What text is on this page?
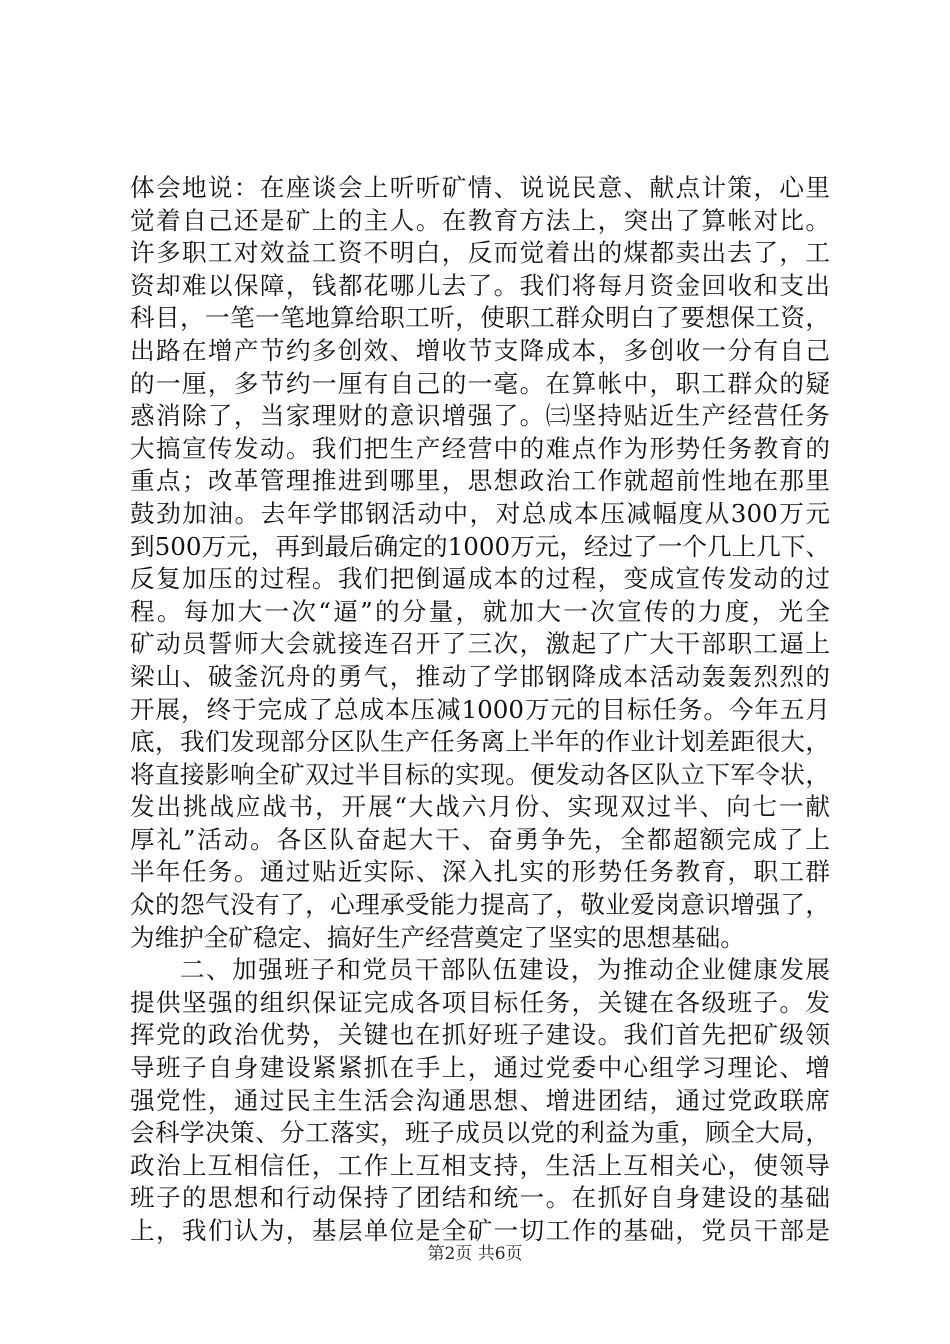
体会地说：在座谈会上听听矿情、说说民意、献点计策，心里
觉着自己还是矿上的主人。在教育方法上，突出了算帐对比。
许多职工对效益工资不明白，反而觉着出的煤都卖出去了，工
资却难以保障，钱都花哪儿去了。我们将每月资金回收和支出
科目，一笔一笔地算给职工听，使职工群众明白了要想保工资，
出路在增产节约多创效、增收节支降成本，多创收一分有自己
的一厘，多节约一厘有自己的一毫。在算帐中，职工群众的疑
惑消除了，当家理财的意识增强了。㈢坚持贴近生产经营任务
大搞宣传发动。我们把生产经营中的难点作为形势任务教育的
重点；改革管理推进到哪里，思想政治工作就超前性地在那里
鼓劲加油。去年学邯钢活动中，对总成本压减幅度从300万元
到500万元，再到最后确定的1000万元，经过了一个几上几下、
反复加压的过程。我们把倒逼成本的过程，变成宣传发动的过
程。每加大一次“逼”的分量，就加大一次宣传的力度，光全
矿动员誓师大会就接连召开了三次，激起了广大干部职工逼上
梁山、破釜沉舟的勇气，推动了学邯钢降成本活动轰轰烈烈的
开展，终于完成了总成本压减1000万元的目标任务。今年五月
底，我们发现部分区队生产任务离上半年的作业计划差距很大，
将直接影响全矿双过半目标的实现。便发动各区队立下军令状，
发出挑战应战书，开展“大战六月份、实现双过半、向七一献
厚礼”活动。各区队奋起大干、奋勇争先，全都超额完成了上
半年任务。通过贴近实际、深入扎实的形势任务教育，职工群
众的怨气没有了，心理承受能力提高了，敬业爱岗意识增强了，
为维护全矿稳定、搞好生产经营奠定了坚实的思想基础。
二、加强班子和党员干部队伍建设，为推动企业健康发展
提供坚强的组织保证完成各项目标任务，关键在各级班子。发
挥党的政治优势，关键也在抓好班子建设。我们首先把矿级领
导班子自身建设紧紧抓在手上，通过党委中心组学习理论、增
强党性，通过民主生活会沟通思想、增进团结，通过党政联席
会科学决策、分工落实，班子成员以党的利益为重，顾全大局，
政治上互相信任，工作上互相支持，生活上互相关心，使领导
班子的思想和行动保持了团结和统一。在抓好自身建设的基础
上，我们认为，基层单位是全矿一切工作的基础，党员干部是
第2页 共6页
